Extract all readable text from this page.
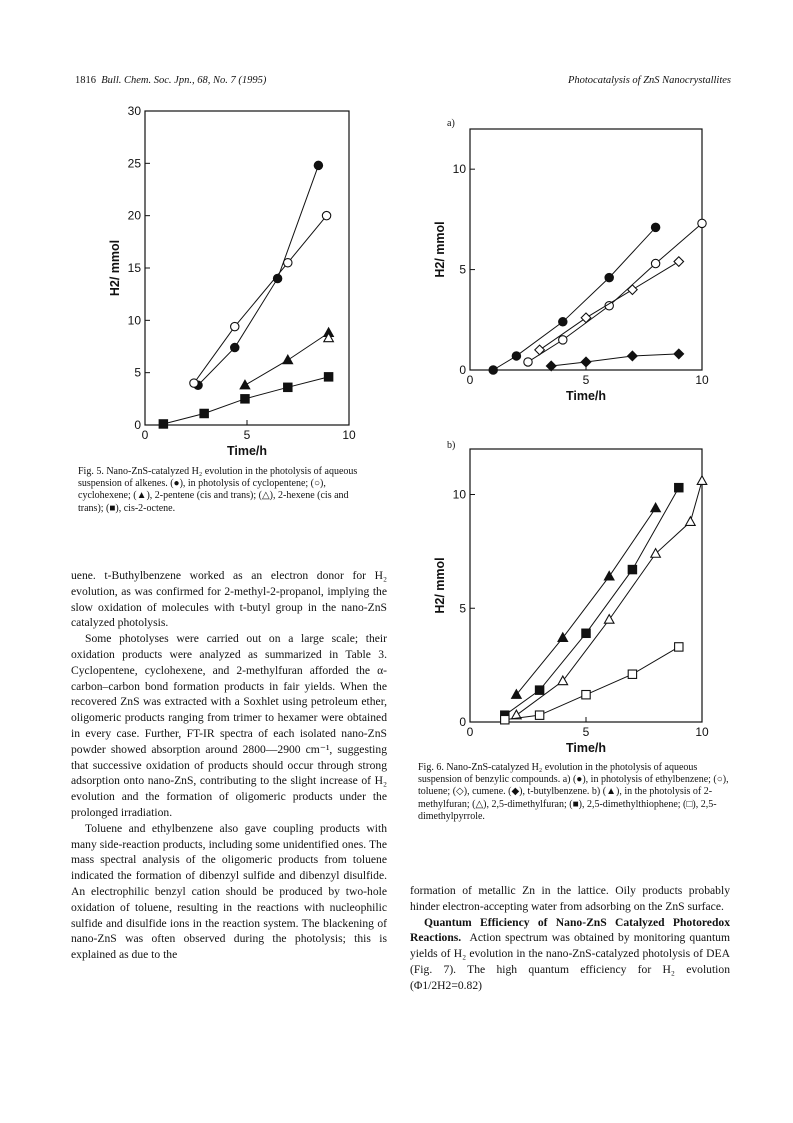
1816 Bull. Chem. Soc. Jpn., 68, No. 7 (1995)	Photocatalysis of ZnS Nanocrystallites
0	5	10
0
5
10
15
20
25
30
Time/h
H2/ mmol
Fig. 5. Nano-ZnS-catalyzed H₂ evolution in the photolysis of aqueous suspension of alkenes. (●), in photolysis of cyclopentene; (○), cyclohexene; (▲), 2-pentene (cis and trans); (△), 2-hexene (cis and trans); (■), cis-2-octene.
a)
0	5	10
0
5
10
Time/h
H2/ mmol
b)
0	5	10
0
5
10
Time/h
H2/ mmol
Fig. 6. Nano-ZnS-catalyzed H₂ evolution in the photolysis of aqueous suspension of benzylic compounds. a) (●), in photolysis of ethylbenzene; (○), toluene; (◇), cumene. (◆), t-butylbenzene. b) (▲), in the photolysis of 2-methylfuran; (△), 2,5-dimethylfuran; (■), 2,5-dimethylthiophene; (□), 2,5-dimethylpyrrole.

uene. t-Buthylbenzene worked as an electron donor for H₂ evolution, as was confirmed for 2-methyl-2-propanol, implying the slow oxidation of molecules with t-butyl group in the nano-ZnS catalyzed photolysis.

Some photolyses were carried out on a large scale; their oxidation products were analyzed as summarized in Table 3. Cyclopentene, cyclohexene, and 2-methylfuran afforded the α-carbon–carbon bond formation products in fair yields. When the recovered ZnS was extracted with a Soxhlet using petroleum ether, oligomeric products ranging from trimer to hexamer were obtained in every case. Further, FT-IR spectra of each isolated nano-ZnS powder showed absorption around 2800—2900 cm⁻¹, suggesting that successive oxidation of products should occur through strong adsorption onto nano-ZnS, contributing to the slight increase of H₂ evolution and the formation of oligomeric products under the prolonged irradiation.

Toluene and ethylbenzene also gave coupling products with many side-reaction products, including some unidentified ones. The mass spectral analysis of the oligomeric products from toluene indicated the formation of dibenzyl sulfide and dibenzyl disulfide. An electrophilic benzyl cation should be produced by two-hole oxidation of toluene, resulting in the reactions with nucleophilic sulfide and disulfide ions in the reaction system. The blackening of nano-ZnS was often observed during the photolysis; this is explained as due to the

formation of metallic Zn in the lattice. Oily products probably hinder electron-accepting water from adsorbing on the ZnS surface.

Quantum Efficiency of Nano-ZnS Catalyzed Photoredox Reactions. Action spectrum was obtained by monitoring quantum yields of H₂ evolution in the nano-ZnS-catalyzed photolysis of DEA (Fig. 7). The high quantum efficiency for H₂ evolution (Φ1/2H2=0.82)
